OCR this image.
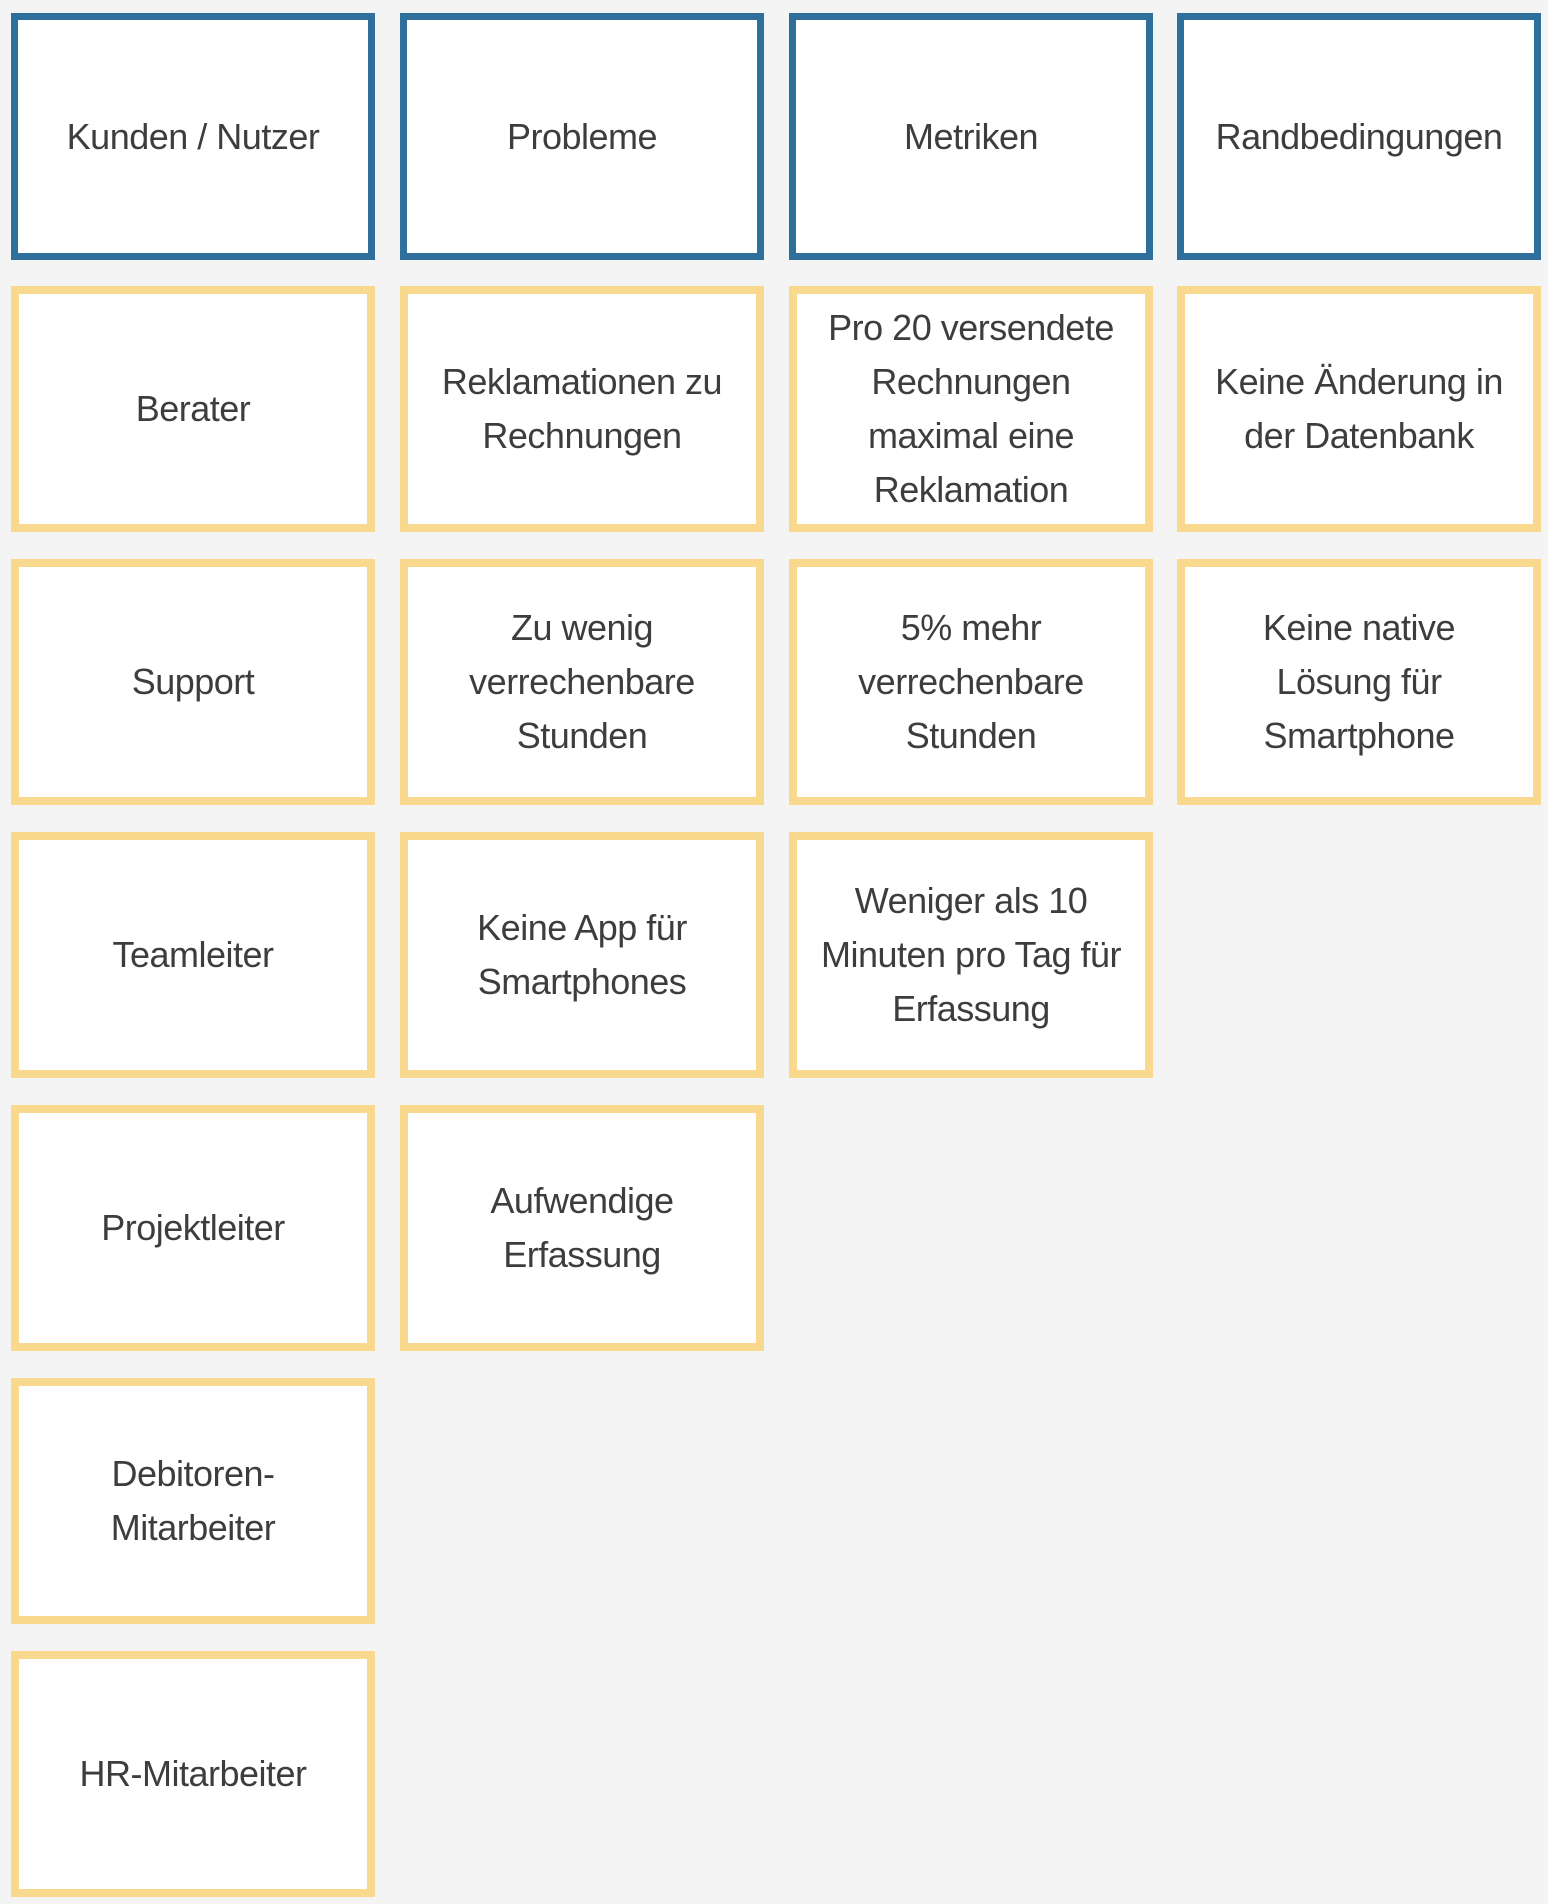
Kunden / Nutzer
Berater
Support
Teamleiter
Projektleiter
Debitoren-Mitarbeiter
HR-Mitarbeiter
Probleme
Reklamationen zu Rechnungen
Zu wenig verrechenbare Stunden
Keine App für Smartphones
Aufwendige Erfassung
Metriken
Pro 20 versendete Rechnungen maximal eine Reklamation
5% mehr verrechenbare Stunden
Weniger als 10 Minuten pro Tag für Erfassung
Randbedingungen
Keine Änderung in der Datenbank
Keine native Lösung für Smartphone
